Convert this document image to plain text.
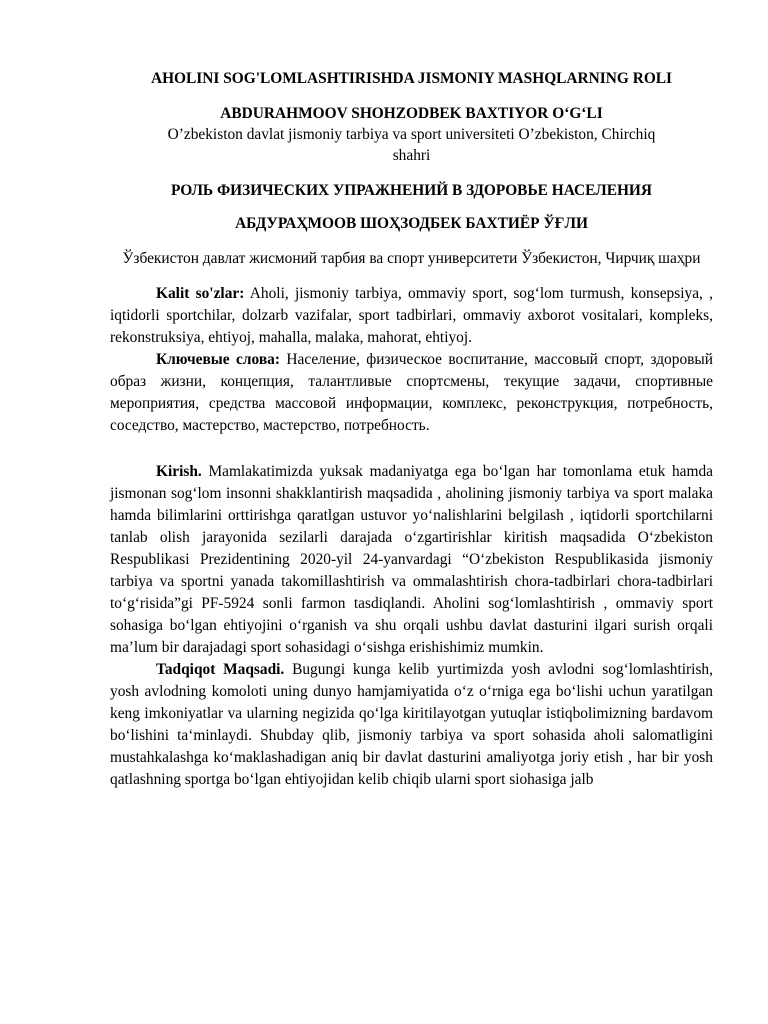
AHOLINI SOG'LOMLASHTIRISHDA JISMONIY MASHQLARNING ROLI
ABDURAHMOOV SHOHZODBEK BAXTIYOR O‘G‘LI
O’zbekiston davlat jismoniy tarbiya va sport universiteti O’zbekiston, Chirchiq shahri
РОЛЬ ФИЗИЧЕСКИХ УПРАЖНЕНИЙ В ЗДОРОВЬЕ НАСЕЛЕНИЯ
АБДУРАҲМООВ ШОҲЗОДБЕК БАХТИЁР ЎҒЛИ
Ўзбекистон давлат жисмоний тарбия ва спорт университети Ўзбекистон, Чирчиқ шаҳри

Kalit so'zlar: Aholi, jismoniy tarbiya, ommaviy sport, sog‘lom turmush, konsepsiya, , iqtidorli sportchilar, dolzarb vazifalar, sport tadbirlari, ommaviy axborot vositalari, kompleks, rekonstruksiya, ehtiyoj, mahalla, malaka, mahorat, ehtiyoj.

Ключевые слова: Население, физическое воспитание, массовый спорт, здоровый образ жизни, концепция, талантливые спортсмены, текущие задачи, спортивные мероприятия, средства массовой информации, комплекс, реконструкция, потребность, соседство, мастерство, мастерство, потребность.

Kirish. Mamlakatimizda yuksak madaniyatga ega bo‘lgan har tomonlama etuk hamda jismonan sog‘lom insonni shakklantirish maqsadida , aholining jismoniy tarbiya va sport malaka hamda bilimlarini orttirishga qaratlgan ustuvor yo‘nalishlarini belgilash , iqtidorli sportchilarni tanlab olish jarayonida sezilarli darajada o‘zgartirishlar kiritish maqsadida O‘zbekiston Respublikasi Prezidentining 2020-yil 24-yanvardagi “O‘zbekiston Respublikasida jismoniy tarbiya va sportni yanada takomillashtirish va ommalashtirish chora-tadbirlari chora-tadbirlari to‘g‘risida”gi PF-5924 sonli farmon tasdiqlandi. Aholini sog‘lomlashtirish , ommaviy sport sohasiga bo‘lgan ehtiyojini o‘rganish va shu orqali ushbu davlat dasturini ilgari surish orqali ma’lum bir darajadagi sport sohasidagi o‘sishga erishishimiz mumkin.

Tadqiqot Maqsadi. Bugungi kunga kelib yurtimizda yosh avlodni sog‘lomlashtirish, yosh avlodning komoloti uning dunyo hamjamiyatida o‘z o‘rniga ega bo‘lishi uchun yaratilgan keng imkoniyatlar va ularning negizida qo‘lga kiritilayotgan yutuqlar istiqbolimizning bardavom bo‘lishini ta‘minlaydi. Shubday qlib, jismoniy tarbiya va sport sohasida aholi salomatligini mustahkalashga ko‘maklashadigan aniq bir davlat dasturini amaliyotga joriy etish , har bir yosh qatlashning sportga bo‘lgan ehtiyojidan kelib chiqib ularni sport siohasiga jalb
